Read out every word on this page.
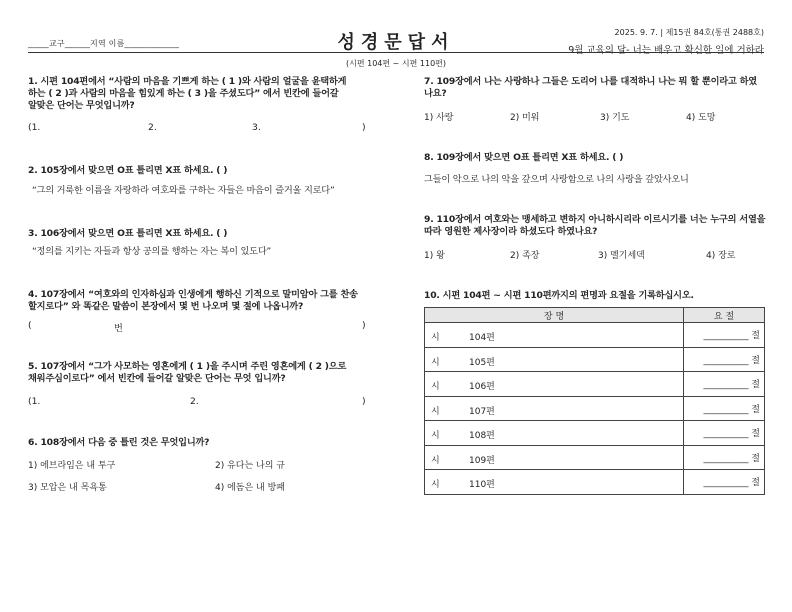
_____교구______지역 이름_____________	성경문답서	2025. 9. 7. | 제15권 84호(통권 2488호)
9월 교육의 달- 너는 배우고 확신한 일에 거하라
(시편 104편 ~ 시편 110편)
1. 시편 104편에서 “사람의 마음을 기쁘게 하는 ( 1 )와 사람의 얼굴을 윤택하게
하는 ( 2 )과 사람의 마음을 힘있게 하는 ( 3 )을 주셨도다” 에서 빈칸에 들어갈
알맞은 단어는 무엇입니까?
(1.	2.	3.	)
2. 105장에서 맞으면 O표 틀리면 X표 하세요. ( )
“그의 거룩한 이름을 자랑하라 여호와를 구하는 자들은 마음이 즐거울 지로다”
3. 106장에서 맞으면 O표 틀리면 X표 하세요. ( )
“정의를 지키는 자들과 항상 공의를 행하는 자는 복이 있도다”
4. 107장에서 “여호와의 인자하심과 인생에게 행하신 기적으로 말미암아 그를 찬송
할지로다” 와 똑같은 말씀이 본장에서 몇 번 나오며 몇 절에 나옵니까?
(	번	)
5. 107장에서 “그가 사모하는 영혼에게 ( 1 )을 주시며 주린 영혼에게 ( 2 )으로
채워주심이로다” 에서 빈칸에 들어갈 알맞은 단어는 무엇 입니까?
(1.	2.	)
6. 108장에서 다음 중 틀린 것은 무엇입니까?
1) 에브라임은 내 투구	2) 유다는 나의 규
3) 모압은 내 목욕통	4) 에돔은 내 방패
7. 109장에서 나는 사랑하나 그들은 도리어 나를 대적하니 나는 뭐 할 뿐이라고 하였
나요?
1) 사랑	2) 미워	3) 기도	4) 도망
8. 109장에서 맞으면 O표 틀리면 X표 하세요. ( )
그들이 악으로 나의 악을 갚으며 사랑함으로 나의 사랑을 갚았사오니
9. 110장에서 여호와는 맹세하고 변하지 아니하시리라 이르시기를 너는 누구의 서열을
따라 영원한 제사장이라 하셨도다 하였나요?
1) 왕	2) 족장	3) 멜기세덱	4) 장로
10. 시편 104편 ~ 시편 110편까지의 편명과 요절을 기록하십시오.
장 명	요 절

시 104편	__________ 절

시 105편	__________ 절

시 106편	__________ 절

시 107편	__________ 절

시 108편	__________ 절

시 109편	__________ 절

시 110편	__________ 절
